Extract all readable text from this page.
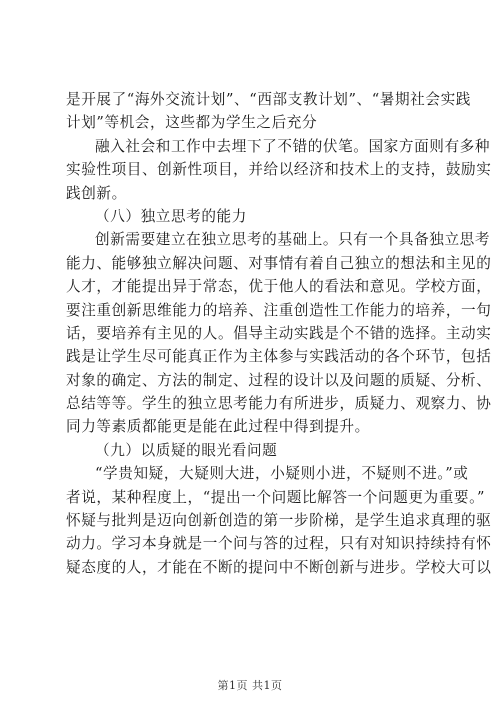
是开展了“海外交流计划”、“西部支教计划”、“暑期社会实践
计划”等机会，这些都为学生之后充分
融入社会和工作中去埋下了不错的伏笔。国家方面则有多种
实验性项目、创新性项目，并给以经济和技术上的支持，鼓励实
践创新。
（八）独立思考的能力
创新需要建立在独立思考的基础上。只有一个具备独立思考
能力、能够独立解决问题、对事情有着自己独立的想法和主见的
人才，才能提出异于常态，优于他人的看法和意见。学校方面，
要注重创新思维能力的培养、注重创造性工作能力的培养，一句
话，要培养有主见的人。倡导主动实践是个不错的选择。主动实
践是让学生尽可能真正作为主体参与实践活动的各个环节，包括
对象的确定、方法的制定、过程的设计以及问题的质疑、分析、
总结等等。学生的独立思考能力有所进步，质疑力、观察力、协
同力等素质都能更是能在此过程中得到提升。
（九）以质疑的眼光看问题
“学贵知疑，大疑则大进，小疑则小进，不疑则不进。”或
者说，某种程度上，“提出一个问题比解答一个问题更为重要。”
怀疑与批判是迈向创新创造的第一步阶梯，是学生追求真理的驱
动力。学习本身就是一个问与答的过程，只有对知识持续持有怀
疑态度的人，才能在不断的提问中不断创新与进步。学校大可以
第1页 共1页
